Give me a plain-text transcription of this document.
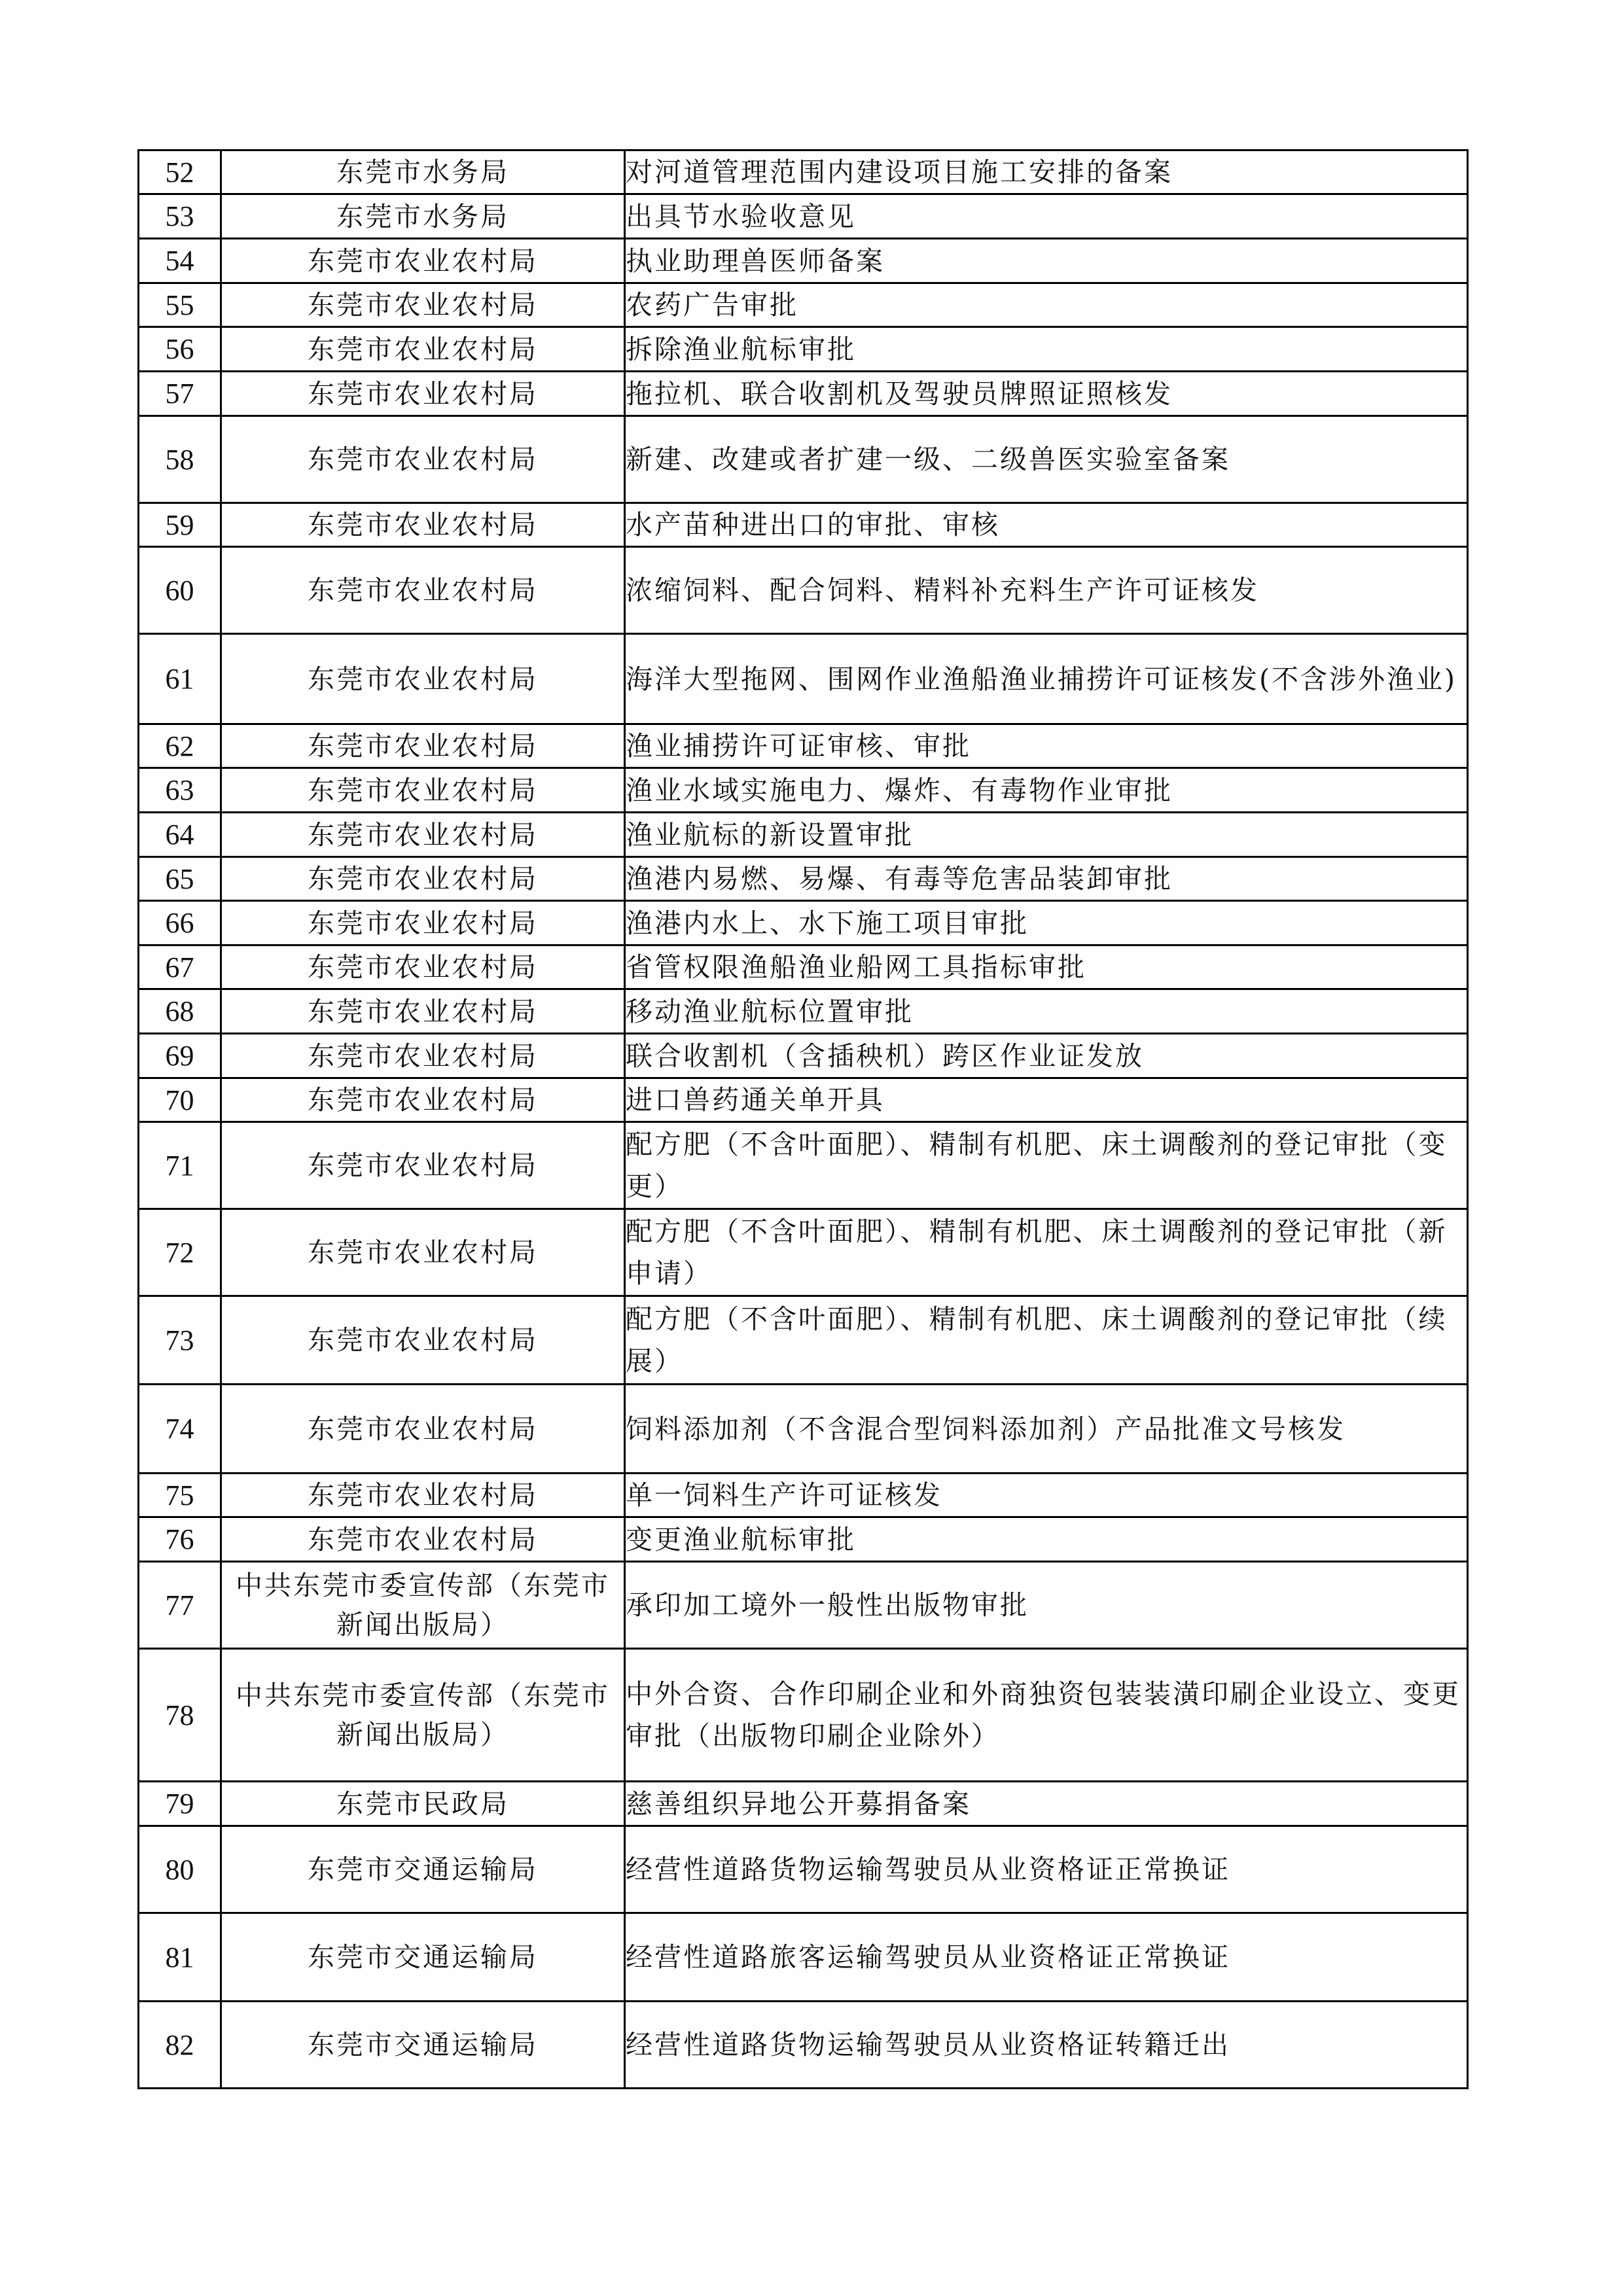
52	东莞市水务局	对河道管理范围内建设项目施工安排的备案
53	东莞市水务局	出具节水验收意见
54	东莞市农业农村局	执业助理兽医师备案
55	东莞市农业农村局	农药广告审批
56	东莞市农业农村局	拆除渔业航标审批
57	东莞市农业农村局	拖拉机、联合收割机及驾驶员牌照证照核发
58	东莞市农业农村局	新建、改建或者扩建一级、二级兽医实验室备案
59	东莞市农业农村局	水产苗种进出口的审批、审核
60	东莞市农业农村局	浓缩饲料、配合饲料、精料补充料生产许可证核发
61	东莞市农业农村局	海洋大型拖网、围网作业渔船渔业捕捞许可证核发(不含涉外渔业)
62	东莞市农业农村局	渔业捕捞许可证审核、审批
63	东莞市农业农村局	渔业水域实施电力、爆炸、有毒物作业审批
64	东莞市农业农村局	渔业航标的新设置审批
65	东莞市农业农村局	渔港内易燃、易爆、有毒等危害品装卸审批
66	东莞市农业农村局	渔港内水上、水下施工项目审批
67	东莞市农业农村局	省管权限渔船渔业船网工具指标审批
68	东莞市农业农村局	移动渔业航标位置审批
69	东莞市农业农村局	联合收割机（含插秧机）跨区作业证发放
70	东莞市农业农村局	进口兽药通关单开具
71	东莞市农业农村局	配方肥（不含叶面肥）、精制有机肥、床土调酸剂的登记审批（变更）
72	东莞市农业农村局	配方肥（不含叶面肥）、精制有机肥、床土调酸剂的登记审批（新申请）
73	东莞市农业农村局	配方肥（不含叶面肥）、精制有机肥、床土调酸剂的登记审批（续展）
74	东莞市农业农村局	饲料添加剂（不含混合型饲料添加剂）产品批准文号核发
75	东莞市农业农村局	单一饲料生产许可证核发
76	东莞市农业农村局	变更渔业航标审批
77	中共东莞市委宣传部（东莞市新闻出版局）	承印加工境外一般性出版物审批
78	中共东莞市委宣传部（东莞市新闻出版局）	中外合资、合作印刷企业和外商独资包装装潢印刷企业设立、变更审批（出版物印刷企业除外）
79	东莞市民政局	慈善组织异地公开募捐备案
80	东莞市交通运输局	经营性道路货物运输驾驶员从业资格证正常换证
81	东莞市交通运输局	经营性道路旅客运输驾驶员从业资格证正常换证
82	东莞市交通运输局	经营性道路货物运输驾驶员从业资格证转籍迁出
